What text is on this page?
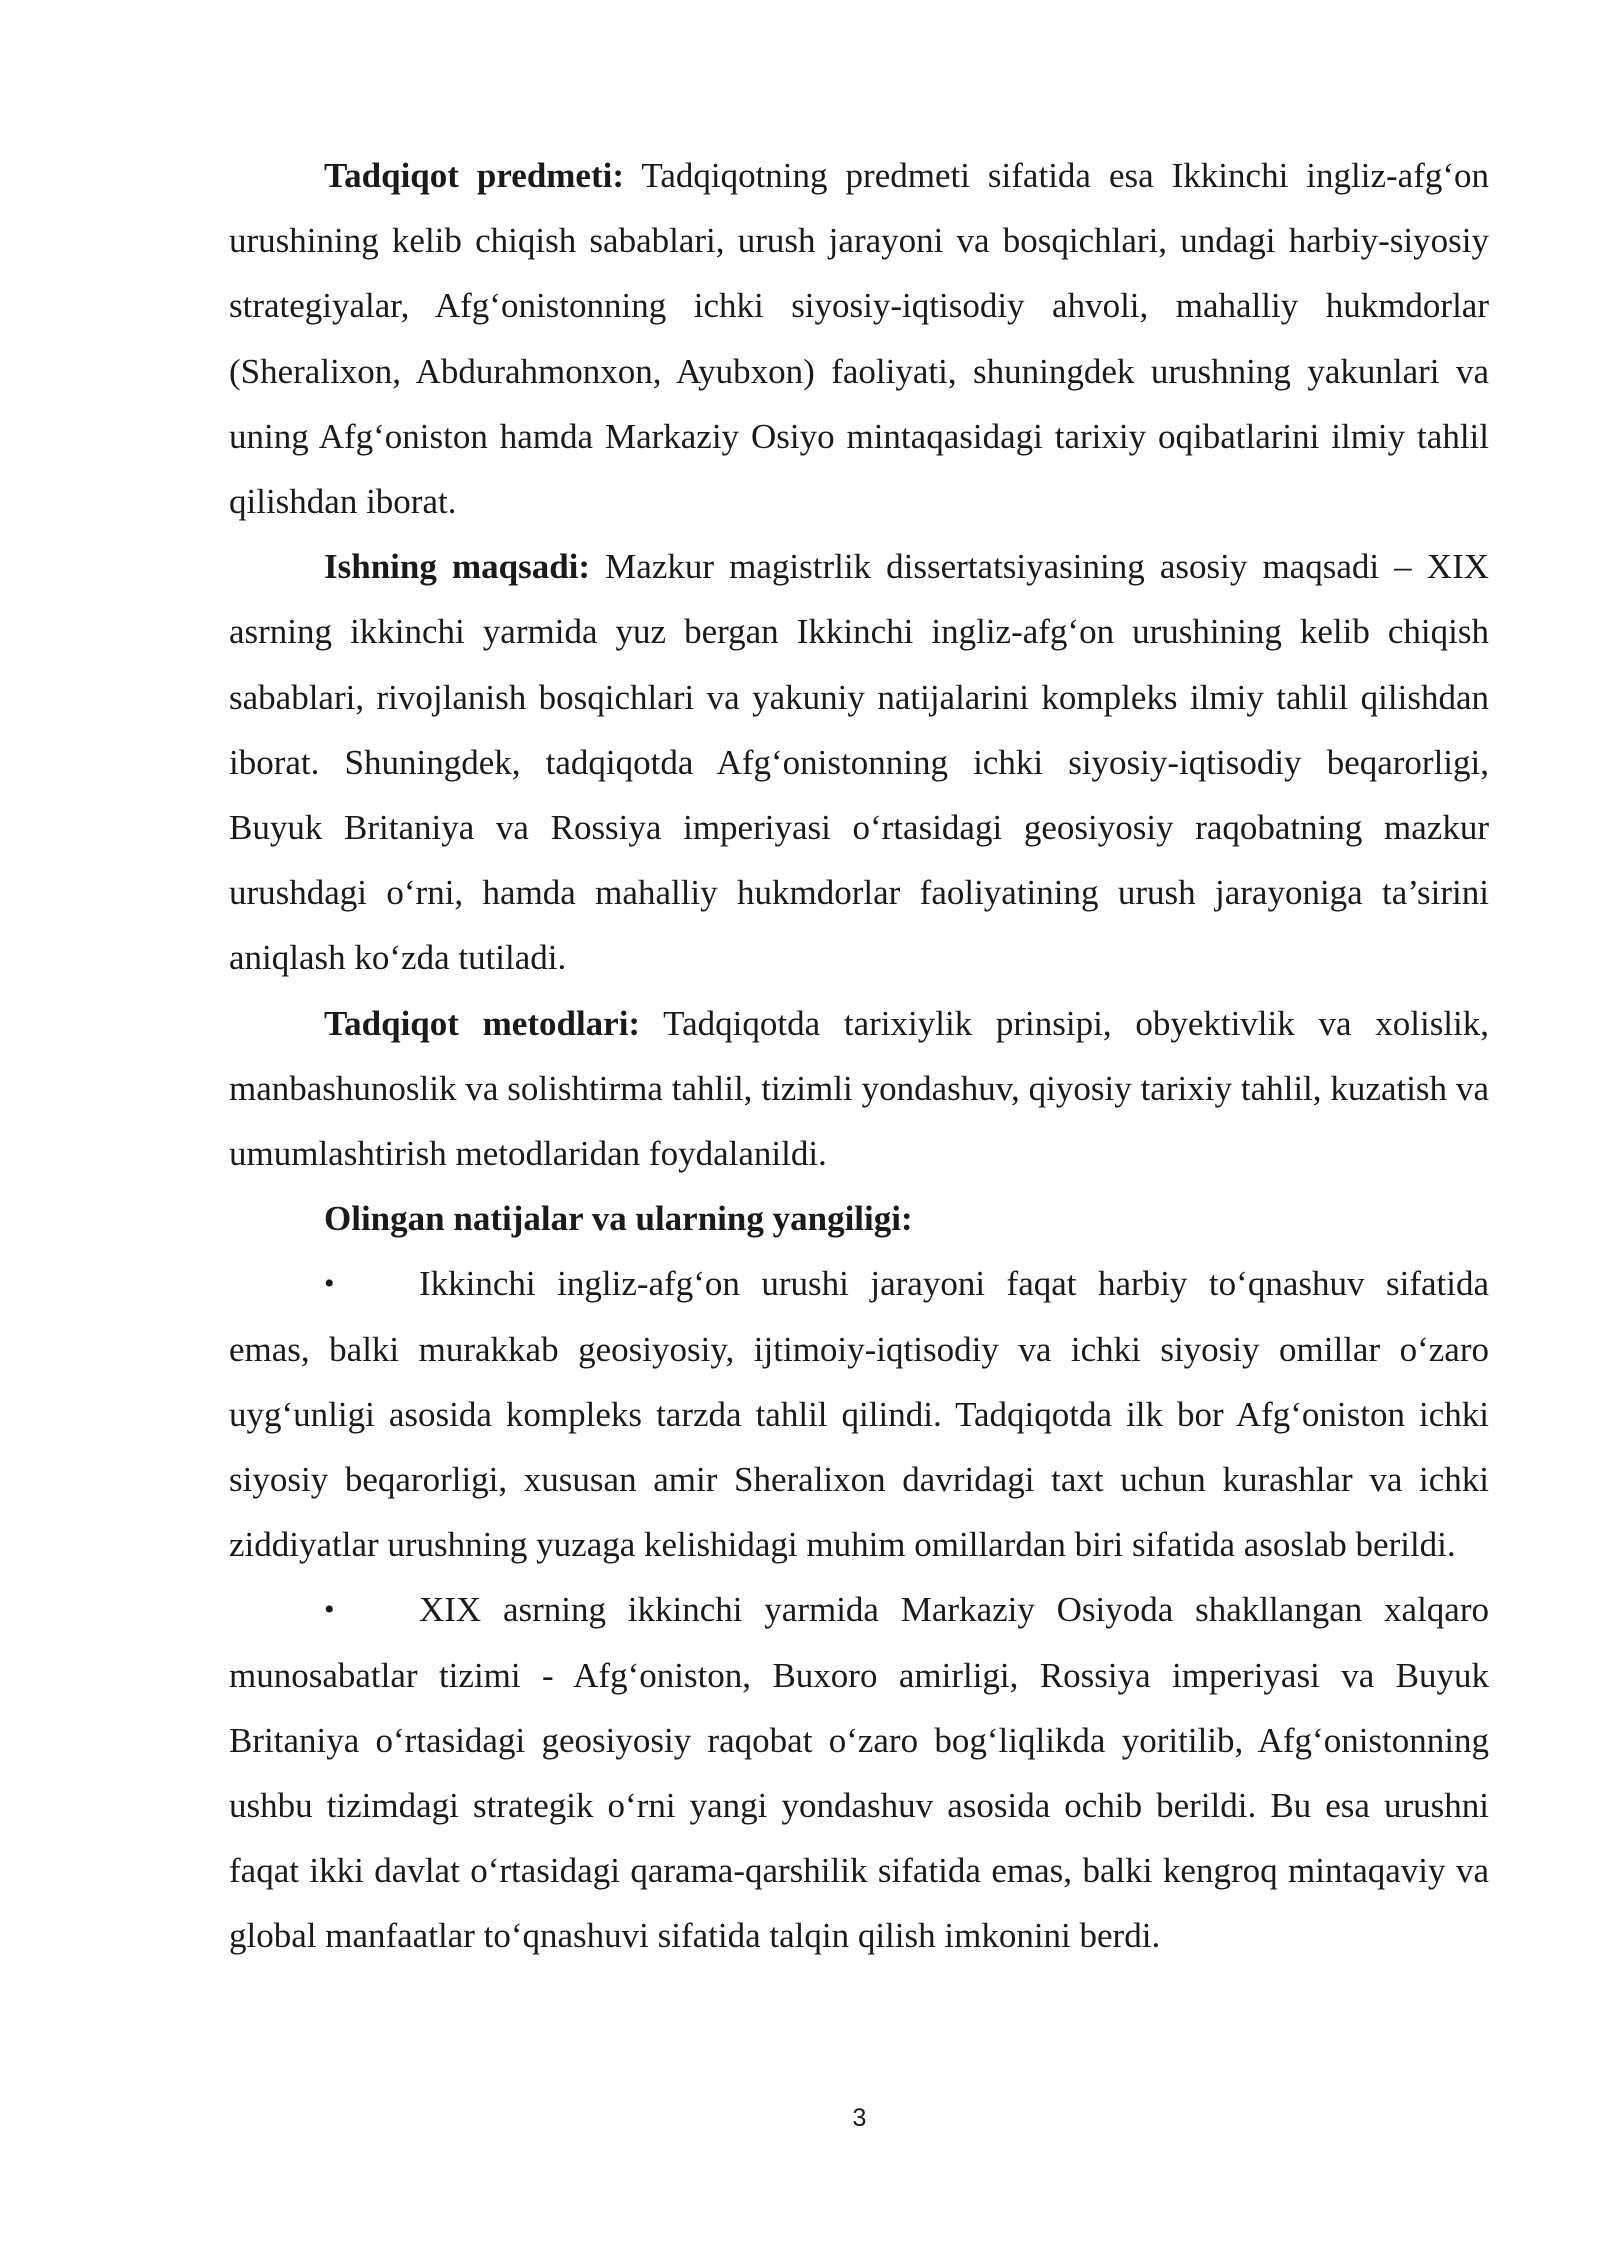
Tadqiqot predmeti: Tadqiqotning predmeti sifatida esa Ikkinchi ingliz-afg‘on urushining kelib chiqish sabablari, urush jarayoni va bosqichlari, undagi harbiy-siyosiy strategiyalar, Afg‘onistonning ichki siyosiy-iqtisodiy ahvoli, mahalliy hukmdorlar (Sheralixon, Abdurahmonxon, Ayubxon) faoliyati, shuningdek urushning yakunlari va uning Afg‘oniston hamda Markaziy Osiyo mintaqasidagi tarixiy oqibatlarini ilmiy tahlil qilishdan iborat.

Ishning maqsadi: Mazkur magistrlik dissertatsiyasining asosiy maqsadi – XIX asrning ikkinchi yarmida yuz bergan Ikkinchi ingliz-afg‘on urushining kelib chiqish sabablari, rivojlanish bosqichlari va yakuniy natijalarini kompleks ilmiy tahlil qilishdan iborat. Shuningdek, tadqiqotda Afg‘onistonning ichki siyosiy-iqtisodiy beqarorligi, Buyuk Britaniya va Rossiya imperiyasi o‘rtasidagi geosiyosiy raqobatning mazkur urushdagi o‘rni, hamda mahalliy hukmdorlar faoliyatining urush jarayoniga ta’sirini aniqlash ko‘zda tutiladi.

Tadqiqot metodlari: Tadqiqotda tarixiylik prinsipi, obyektivlik va xolislik, manbashunoslik va solishtirma tahlil, tizimli yondashuv, qiyosiy tarixiy tahlil, kuzatish va umumlashtirish metodlaridan foydalanildi.

Olingan natijalar va ularning yangiligi:

• Ikkinchi ingliz-afg‘on urushi jarayoni faqat harbiy to‘qnashuv sifatida emas, balki murakkab geosiyosiy, ijtimoiy-iqtisodiy va ichki siyosiy omillar o‘zaro uyg‘unligi asosida kompleks tarzda tahlil qilindi. Tadqiqotda ilk bor Afg‘oniston ichki siyosiy beqarorligi, xususan amir Sheralixon davridagi taxt uchun kurashlar va ichki ziddiyatlar urushning yuzaga kelishidagi muhim omillardan biri sifatida asoslab berildi.

• XIX asrning ikkinchi yarmida Markaziy Osiyoda shakllangan xalqaro munosabatlar tizimi - Afg‘oniston, Buxoro amirligi, Rossiya imperiyasi va Buyuk Britaniya o‘rtasidagi geosiyosiy raqobat o‘zaro bog‘liqlikda yoritilib, Afg‘onistonning ushbu tizimdagi strategik o‘rni yangi yondashuv asosida ochib berildi. Bu esa urushni faqat ikki davlat o‘rtasidagi qarama-qarshilik sifatida emas, balki kengroq mintaqaviy va global manfaatlar to‘qnashuvi sifatida talqin qilish imkonini berdi.

3
